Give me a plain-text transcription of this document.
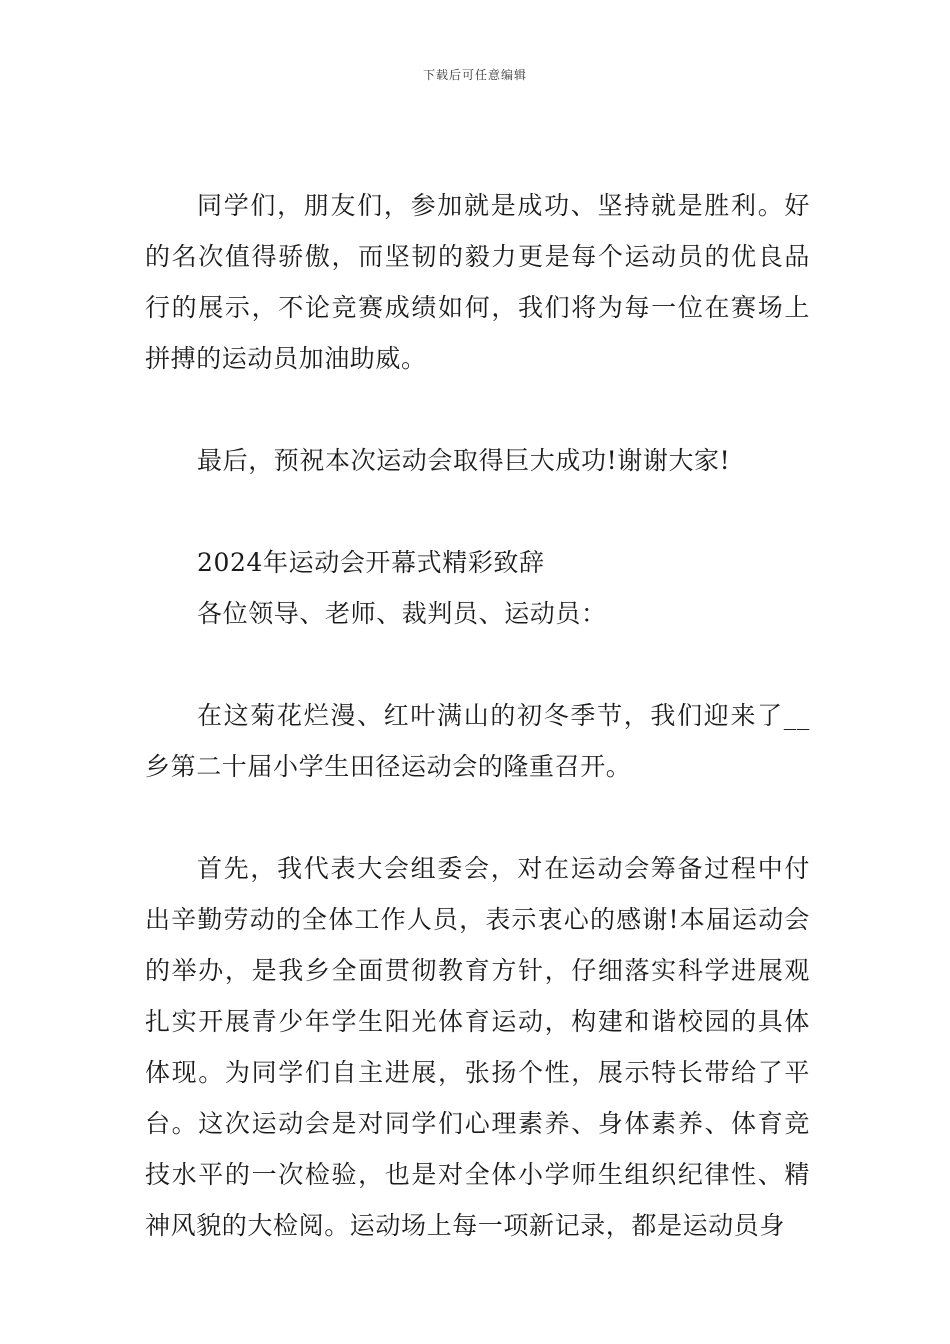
下载后可任意编辑

同学们，朋友们，参加就是成功、坚持就是胜利。好的名次值得骄傲，而坚韧的毅力更是每个运动员的优良品行的展示，不论竞赛成绩如何，我们将为每一位在赛场上拼搏的运动员加油助威。

最后，预祝本次运动会取得巨大成功!谢谢大家!

2024年运动会开幕式精彩致辞

各位领导、老师、裁判员、运动员：

在这菊花烂漫、红叶满山的初冬季节，我们迎来了__乡第二十届小学生田径运动会的隆重召开。

首先，我代表大会组委会，对在运动会筹备过程中付出辛勤劳动的全体工作人员，表示衷心的感谢!本届运动会的举办，是我乡全面贯彻教育方针，仔细落实科学进展观扎实开展青少年学生阳光体育运动，构建和谐校园的具体体现。为同学们自主进展，张扬个性，展示特长带给了平台。这次运动会是对同学们心理素养、身体素养、体育竞技水平的一次检验，也是对全体小学师生组织纪律性、精神风貌的大检阅。运动场上每一项新记录，都是运动员身
